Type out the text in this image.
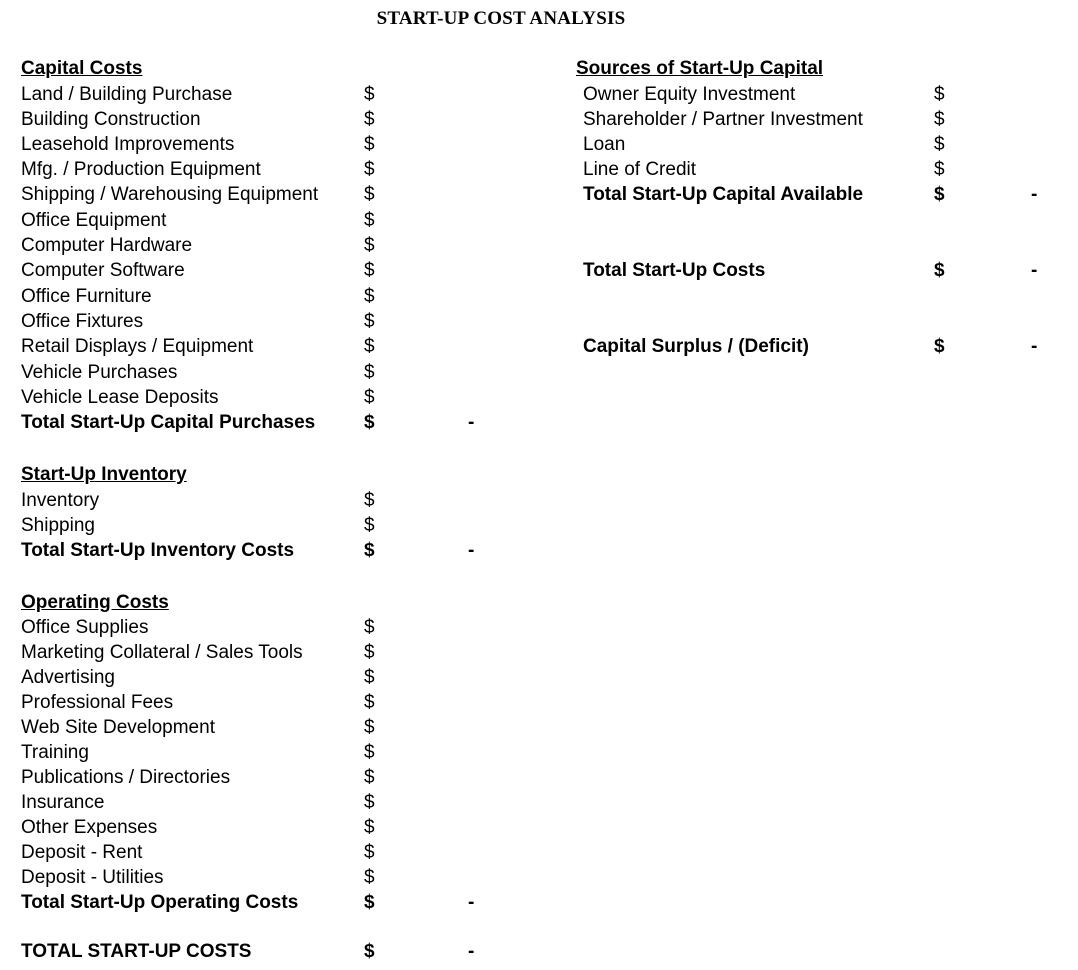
START-UP COST ANALYSIS
Capital Costs
Land / Building Purchase	$
Building Construction	$
Leasehold Improvements	$
Mfg. / Production Equipment	$
Shipping / Warehousing Equipment $
Office Equipment	$
Computer Hardware	$
Computer Software	$
Office Furniture	$
Office Fixtures	$
Retail Displays / Equipment	$
Vehicle Purchases	$
Vehicle Lease Deposits	$
Total Start-Up Capital Purchases	$	-
Start-Up Inventory
Inventory	$
Shipping	$
Total Start-Up Inventory Costs	$	-
Operating Costs
Office Supplies	$
Marketing Collateral / Sales Tools	$
Advertising	$
Professional Fees	$
Web Site Development	$
Training	$
Publications / Directories	$
Insurance	$
Other Expenses	$
Deposit - Rent	$
Deposit - Utilities	$
Total Start-Up Operating Costs	$	-
TOTAL START-UP COSTS	$	-
Sources of Start-Up Capital
Owner Equity Investment	$
Shareholder / Partner Investment	$
Loan	$
Line of Credit	$
Total Start-Up Capital Available	$	-
Total Start-Up Costs	$	-
Capital Surplus / (Deficit)	$	-
